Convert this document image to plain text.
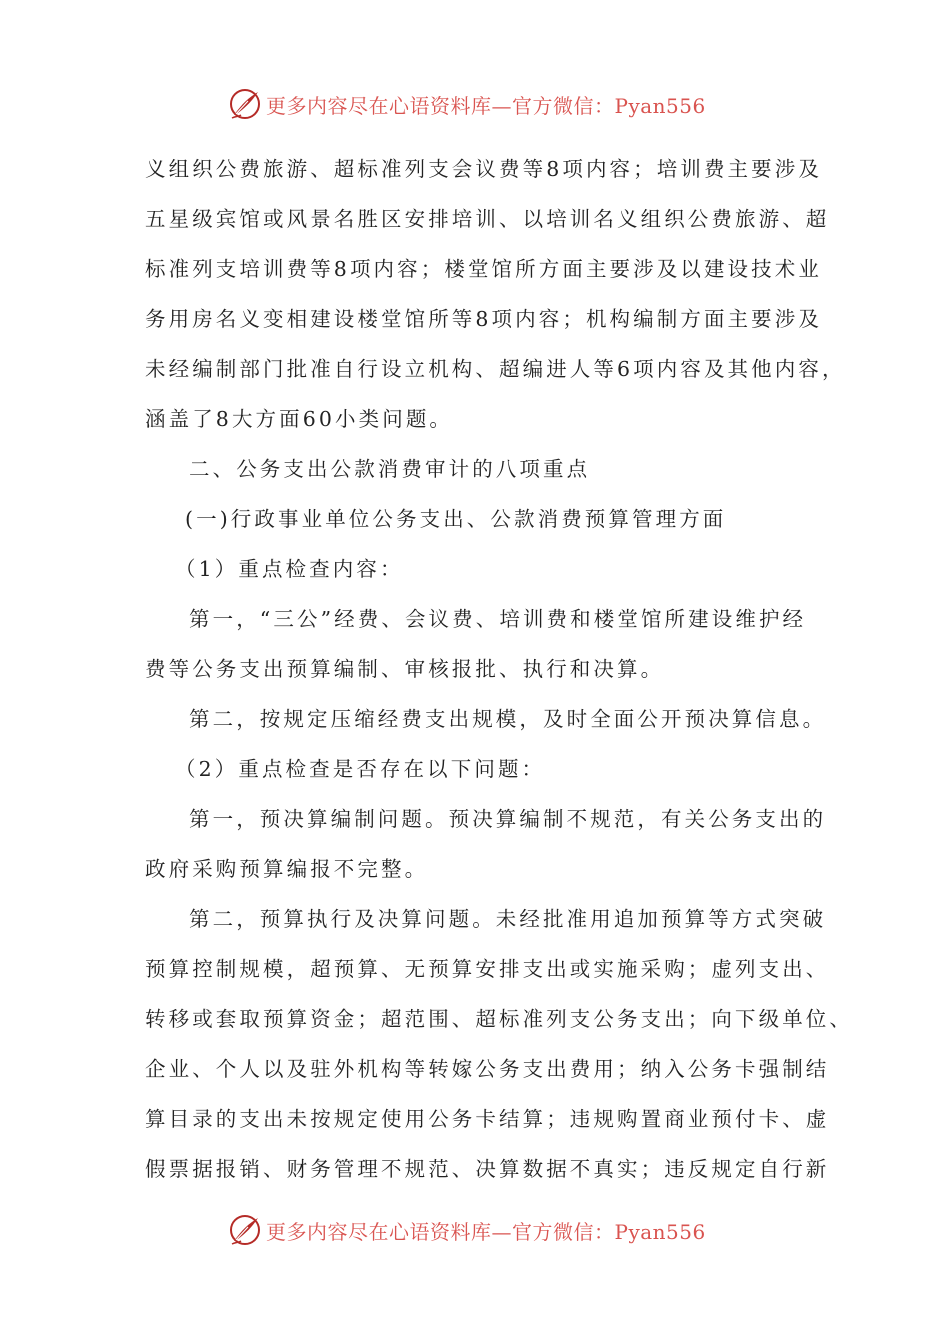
更多内容尽在心语资料库—官方微信：Pyan556
义组织公费旅游、超标准列支会议费等8项内容；培训费主要涉及
五星级宾馆或风景名胜区安排培训、以培训名义组织公费旅游、超
标准列支培训费等8项内容；楼堂馆所方面主要涉及以建设技术业
务用房名义变相建设楼堂馆所等8项内容；机构编制方面主要涉及
未经编制部门批准自行设立机构、超编进人等6项内容及其他内容，
涵盖了8大方面60小类问题。
二、公务支出公款消费审计的八项重点
(一)行政事业单位公务支出、公款消费预算管理方面
（1）重点检查内容：
第一，“三公”经费、会议费、培训费和楼堂馆所建设维护经
费等公务支出预算编制、审核报批、执行和决算。
第二，按规定压缩经费支出规模，及时全面公开预决算信息。
（2）重点检查是否存在以下问题：
第一，预决算编制问题。预决算编制不规范，有关公务支出的
政府采购预算编报不完整。
第二，预算执行及决算问题。未经批准用追加预算等方式突破
预算控制规模，超预算、无预算安排支出或实施采购；虚列支出、
转移或套取预算资金；超范围、超标准列支公务支出；向下级单位、
企业、个人以及驻外机构等转嫁公务支出费用；纳入公务卡强制结
算目录的支出未按规定使用公务卡结算；违规购置商业预付卡、虚
假票据报销、财务管理不规范、决算数据不真实；违反规定自行新
更多内容尽在心语资料库—官方微信：Pyan556
